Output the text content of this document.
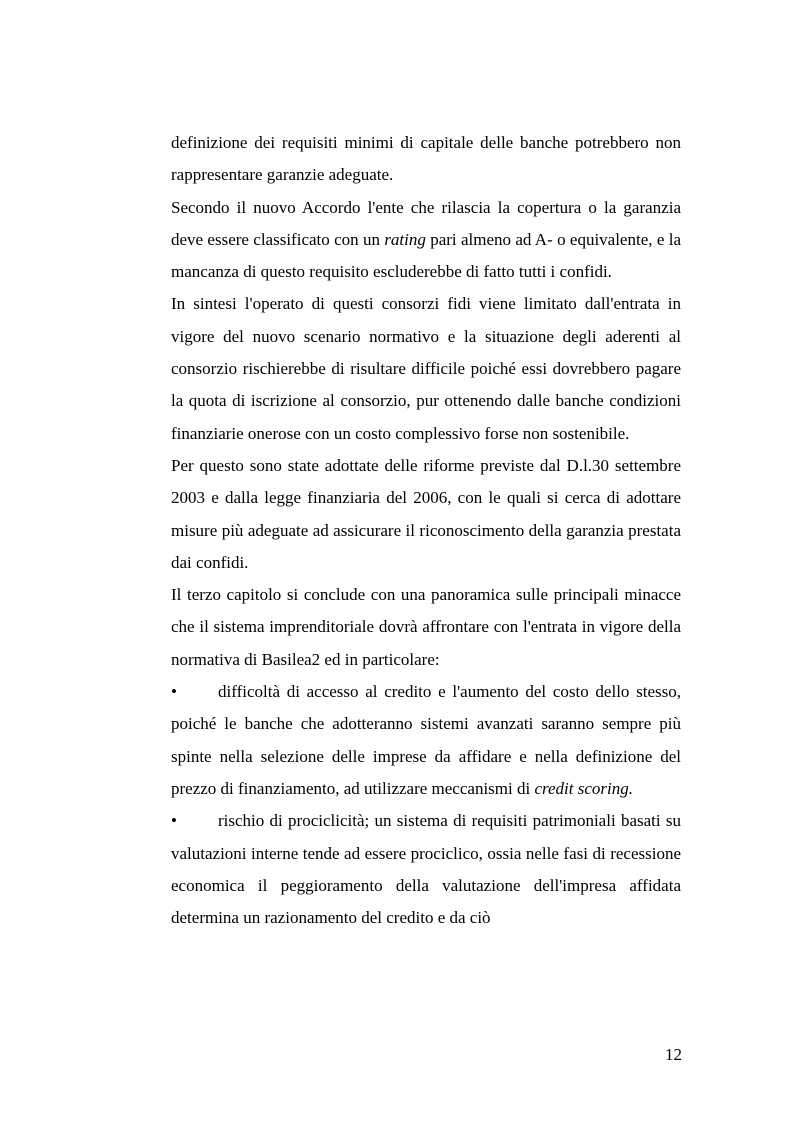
definizione dei requisiti minimi di capitale delle banche potrebbero non rappresentare garanzie adeguate.

Secondo il nuovo Accordo l'ente che rilascia la copertura o la garanzia deve essere classificato con un rating pari almeno ad A- o equivalente, e la mancanza di questo requisito escluderebbe di fatto tutti i confidi.

In sintesi l'operato di questi consorzi fidi viene limitato dall'entrata in vigore del nuovo scenario normativo e la situazione degli aderenti al consorzio rischierebbe di risultare difficile poiché essi dovrebbero pagare la quota di iscrizione al consorzio, pur ottenendo dalle banche condizioni finanziarie onerose con un costo complessivo forse non sostenibile.

Per questo sono state adottate delle riforme previste dal D.l.30 settembre 2003 e dalla legge finanziaria del 2006, con le quali si cerca di adottare misure più adeguate ad assicurare il riconoscimento della garanzia prestata dai confidi.

Il terzo capitolo si conclude con una panoramica sulle principali minacce che il sistema imprenditoriale dovrà affrontare con l'entrata in vigore della normativa di Basilea2 ed in particolare:

• difficoltà di accesso al credito e l'aumento del costo dello stesso, poiché le banche che adotteranno sistemi avanzati saranno sempre più spinte nella selezione delle imprese da affidare e nella definizione del prezzo di finanziamento, ad utilizzare meccanismi di credit scoring.

• rischio di prociclicità; un sistema di requisiti patrimoniali basati su valutazioni interne tende ad essere prociclico, ossia nelle fasi di recessione economica il peggioramento della valutazione dell'impresa affidata determina un razionamento del credito e da ciò

12
